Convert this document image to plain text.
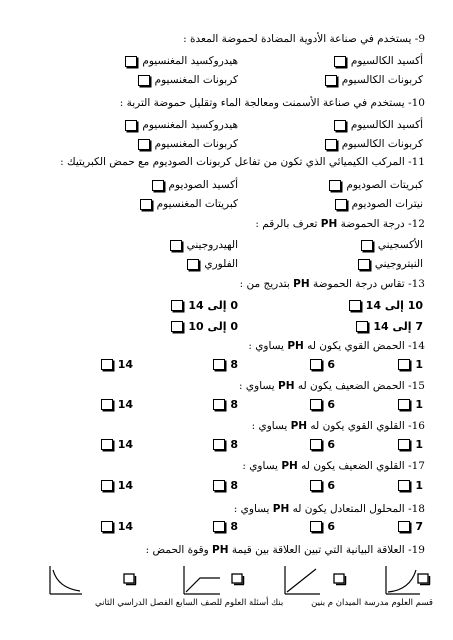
9- يستخدم في صناعة الأدوية المضادة لحموضة المعدة :
أكسيد الكالسيوم
هيدروكسيد المغنسيوم
كربونات الكالسيوم
كربونات المغنسيوم
10- يستخدم في صناعة الأسمنت ومعالجة الماء وتقليل حموضة التربة :
أكسيد الكالسيوم
هيدروكسيد المغنسيوم
كربونات الكالسيوم
كربونات المغنسيوم
11- المركب الكيميائي الذي تكون من تفاعل كربونات الصوديوم مع حمض الكبريتيك :
كبريتات الصوديوم
أكسيد الصوديوم
نيترات الصوديوم
كبريتات المغنسيوم
12- درجة الحموضة PH تعرف بالرقم :
الأكسجيني
الهيدروجيني
النيتروجيني
الفلوري
13- تقاس درجة الحموضة PH بتدريج من :
10 إلى 14
0 إلى 14
7 إلى 14
0 إلى 10
14- الحمض القوي يكون له PH يساوي :
1
6
8
14
15- الحمض الضعيف يكون له PH يساوي :
1
6
8
14
16- القلوي القوي يكون له PH يساوي :
1
6
8
14
17- القلوي الضعيف يكون له PH يساوي :
1
6
8
14
18- المحلول المتعادل يكون له PH يساوي :
7
6
8
14
19- العلاقة البيانية التي تبين العلاقة بين قيمة PH وقوة الحمض :
قسم العلوم مدرسة الميدان م بنين
بنك أسئلة العلوم للصف السابع الفصل الدراسي الثاني
